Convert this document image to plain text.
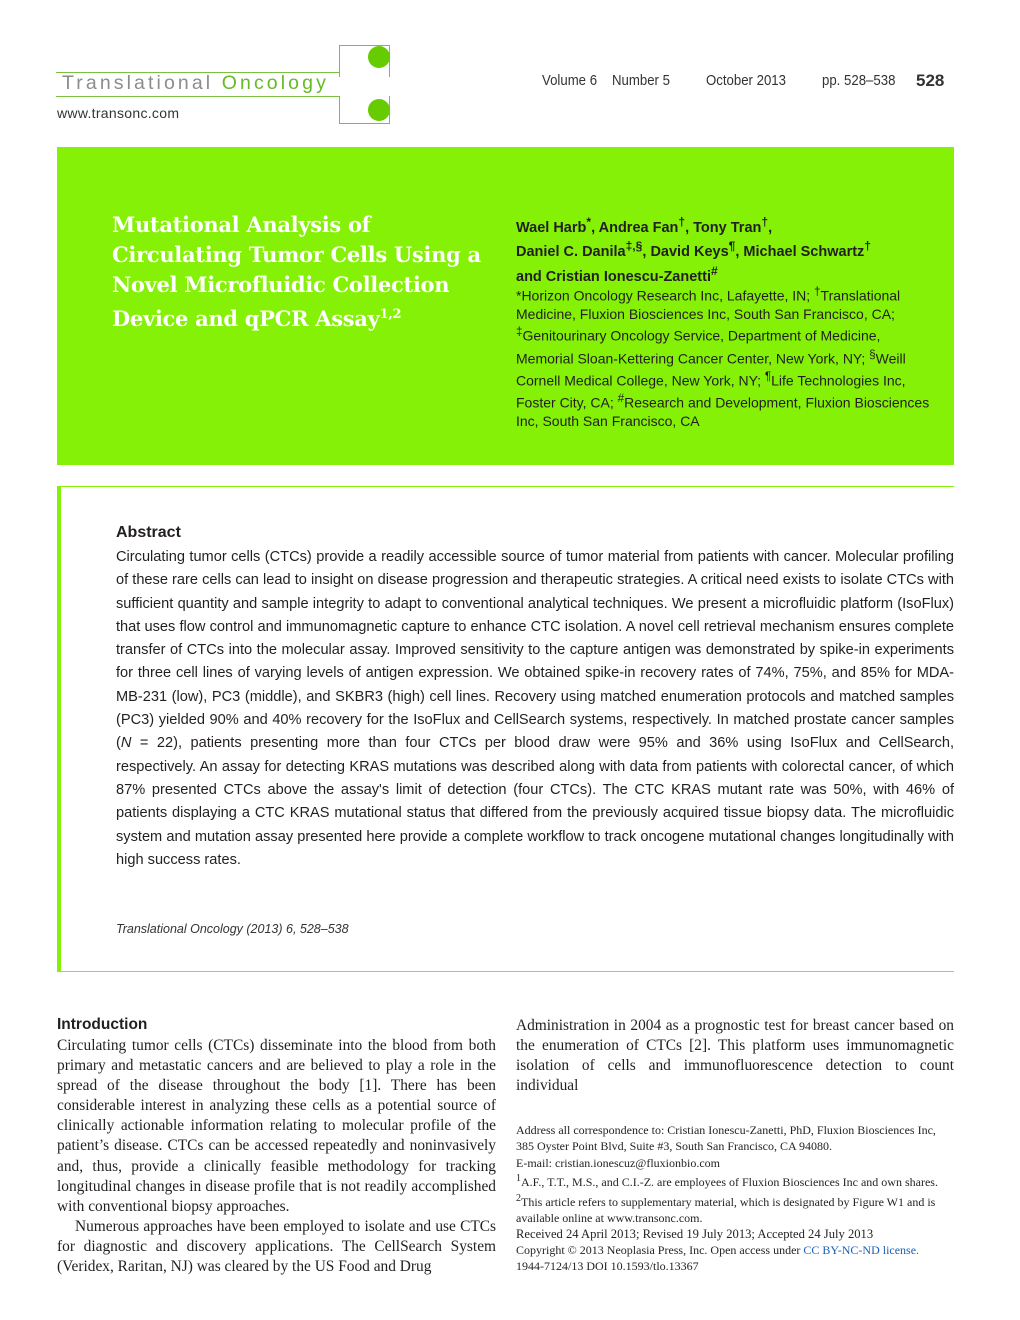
Translational Oncology
www.transonc.com
Volume 6 Number 5 October 2013 pp. 528–538 528
Mutational Analysis of Circulating Tumor Cells Using a Novel Microfluidic Collection Device and qPCR Assay$^{1,2}$
Wael Harb*, Andrea Fan†, Tony Tran†,
Daniel C. Danila‡,§, David Keys¶, Michael Schwartz†
and Cristian Ionescu-Zanetti#
*Horizon Oncology Research Inc, Lafayette, IN; †Translational Medicine, Fluxion Biosciences Inc, South San Francisco, CA; ‡Genitourinary Oncology Service, Department of Medicine, Memorial Sloan-Kettering Cancer Center, New York, NY; §Weill Cornell Medical College, New York, NY; ¶Life Technologies Inc, Foster City, CA; #Research and Development, Fluxion Biosciences Inc, South San Francisco, CA
Abstract
Circulating tumor cells (CTCs) provide a readily accessible source of tumor material from patients with cancer. Molecular profiling of these rare cells can lead to insight on disease progression and therapeutic strategies. A critical need exists to isolate CTCs with sufficient quantity and sample integrity to adapt to conventional analytical techniques. We present a microfluidic platform (IsoFlux) that uses flow control and immunomagnetic capture to enhance CTC isolation. A novel cell retrieval mechanism ensures complete transfer of CTCs into the molecular assay. Improved sensitivity to the capture antigen was demonstrated by spike-in experiments for three cell lines of varying levels of antigen expression. We obtained spike-in recovery rates of 74%, 75%, and 85% for MDA-MB-231 (low), PC3 (middle), and SKBR3 (high) cell lines. Recovery using matched enumeration protocols and matched samples (PC3) yielded 90% and 40% recovery for the IsoFlux and CellSearch systems, respectively. In matched prostate cancer samples (N = 22), patients presenting more than four CTCs per blood draw were 95% and 36% using IsoFlux and CellSearch, respectively. An assay for detecting KRAS mutations was described along with data from patients with colorectal cancer, of which 87% presented CTCs above the assay's limit of detection (four CTCs). The CTC KRAS mutant rate was 50%, with 46% of patients displaying a CTC KRAS mutational status that differed from the previously acquired tissue biopsy data. The microfluidic system and mutation assay presented here provide a complete workflow to track oncogene mutational changes longitudinally with high success rates.
Translational Oncology (2013) 6, 528–538
Introduction

Circulating tumor cells (CTCs) disseminate into the blood from both primary and metastatic cancers and are believed to play a role in the spread of the disease throughout the body [1]. There has been considerable interest in analyzing these cells as a potential source of clinically actionable information relating to molecular profile of the patient’s disease. CTCs can be accessed repeatedly and noninvasively and, thus, provide a clinically feasible methodology for tracking longitudinal changes in disease profile that is not readily accomplished with conventional biopsy approaches.

Numerous approaches have been employed to isolate and use CTCs for diagnostic and discovery applications. The CellSearch System (Veridex, Raritan, NJ) was cleared by the US Food and Drug

Administration in 2004 as a prognostic test for breast cancer based on the enumeration of CTCs [2]. This platform uses immunomagnetic isolation of cells and immunofluorescence detection to count individual

Address all correspondence to: Cristian Ionescu-Zanetti, PhD, Fluxion Biosciences Inc, 385 Oyster Point Blvd, Suite #3, South San Francisco, CA 94080.

E-mail: cristian.ionescuz@fluxionbio.com

$^1$A.F., T.T., M.S., and C.I.-Z. are employees of Fluxion Biosciences Inc and own shares.

$^2$This article refers to supplementary material, which is designated by Figure W1 and is available online at www.transonc.com.

Received 24 April 2013; Revised 19 July 2013; Accepted 24 July 2013

Copyright © 2013 Neoplasia Press, Inc. Open access under CC BY-NC-ND license.

1944-7124/13 DOI 10.1593/tlo.13367
